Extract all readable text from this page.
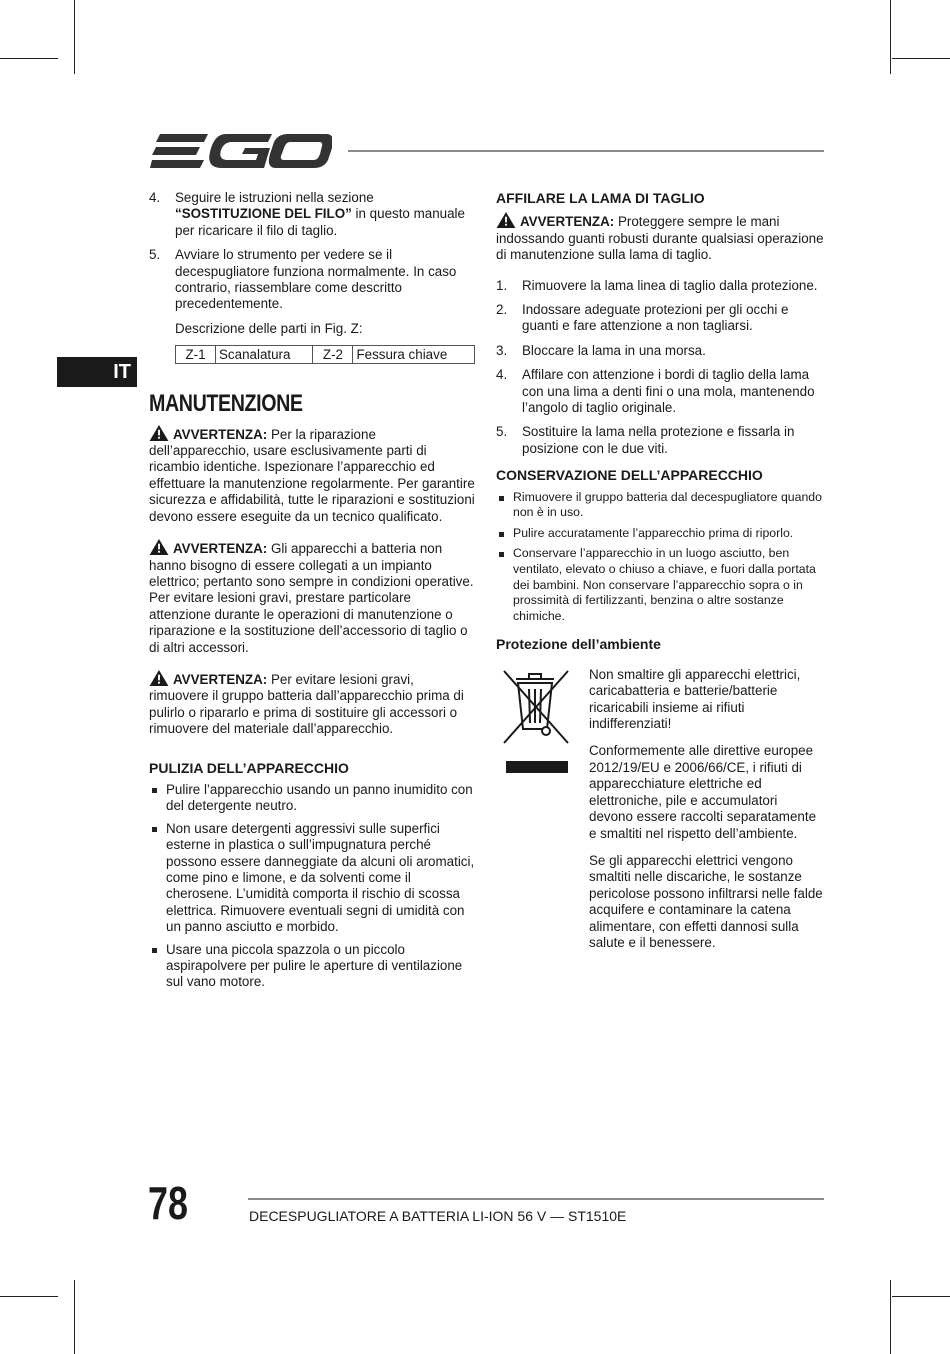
IT
4. Seguire le istruzioni nella sezione “SOSTITUZIONE DEL FILO” in questo manuale per ricaricare il filo di taglio.
5. Avviare lo strumento per vedere se il decespugliatore funziona normalmente. In caso contrario, riassemblare come descritto precedentemente.

Descrizione delle parti in Fig. Z:

Z-1	Scanalatura	Z-2	Fessura chiave
MANUTENZIONE

AVVERTENZA: Per la riparazione dell’apparecchio, usare esclusivamente parti di ricambio identiche. Ispezionare l’apparecchio ed effettuare la manutenzione regolarmente. Per garantire sicurezza e affidabilità, tutte le riparazioni e sostituzioni devono essere eseguite da un tecnico qualificato.

AVVERTENZA: Gli apparecchi a batteria non hanno bisogno di essere collegati a un impianto elettrico; pertanto sono sempre in condizioni operative. Per evitare lesioni gravi, prestare particolare attenzione durante le operazioni di manutenzione o riparazione e la sostituzione dell’accessorio di taglio o di altri accessori.

AVVERTENZA: Per evitare lesioni gravi, rimuovere il gruppo batteria dall’apparecchio prima di pulirlo o ripararlo e prima di sostituire gli accessori o rimuovere del materiale dall’apparecchio.

PULIZIA DELL’APPARECCHIO
Pulire l’apparecchio usando un panno inumidito con del detergente neutro.
Non usare detergenti aggressivi sulle superfici esterne in plastica o sull’impugnatura perché possono essere danneggiate da alcuni oli aromatici, come pino e limone, e da solventi come il cherosene. L’umidità comporta il rischio di scossa elettrica. Rimuovere eventuali segni di umidità con un panno asciutto e morbido.
Usare una piccola spazzola o un piccolo aspirapolvere per pulire le aperture di ventilazione sul vano motore.
AFFILARE LA LAMA DI TAGLIO

AVVERTENZA: Proteggere sempre le mani indossando guanti robusti durante qualsiasi operazione di manutenzione sulla lama di taglio.

1. Rimuovere la lama linea di taglio dalla protezione.
2. Indossare adeguate protezioni per gli occhi e guanti e fare attenzione a non tagliarsi.
3. Bloccare la lama in una morsa.
4. Affilare con attenzione i bordi di taglio della lama con una lima a denti fini o una mola, mantenendo l’angolo di taglio originale.
5. Sostituire la lama nella protezione e fissarla in posizione con le due viti.
CONSERVAZIONE DELL’APPARECCHIO
Rimuovere il gruppo batteria dal decespugliatore quando non è in uso.
Pulire accuratamente l’apparecchio prima di riporlo.
Conservare l’apparecchio in un luogo asciutto, ben ventilato, elevato o chiuso a chiave, e fuori dalla portata dei bambini. Non conservare l’apparecchio sopra o in prossimità di fertilizzanti, benzina o altre sostanze chimiche.
Protezione dell’ambiente

Non smaltire gli apparecchi elettrici, caricabatteria e batterie/batterie ricaricabili insieme ai rifiuti indifferenziati!

Conformemente alle direttive europee 2012/19/EU e 2006/66/CE, i rifiuti di apparecchiature elettriche ed elettroniche, pile e accumulatori devono essere raccolti separatamente e smaltiti nel rispetto dell’ambiente.

Se gli apparecchi elettrici vengono smaltiti nelle discariche, le sostanze pericolose possono infiltrarsi nelle falde acquifere e contaminare la catena alimentare, con effetti dannosi sulla salute e il benessere.

78	DECESPUGLIATORE A BATTERIA LI-ION 56 V — ST1510E
